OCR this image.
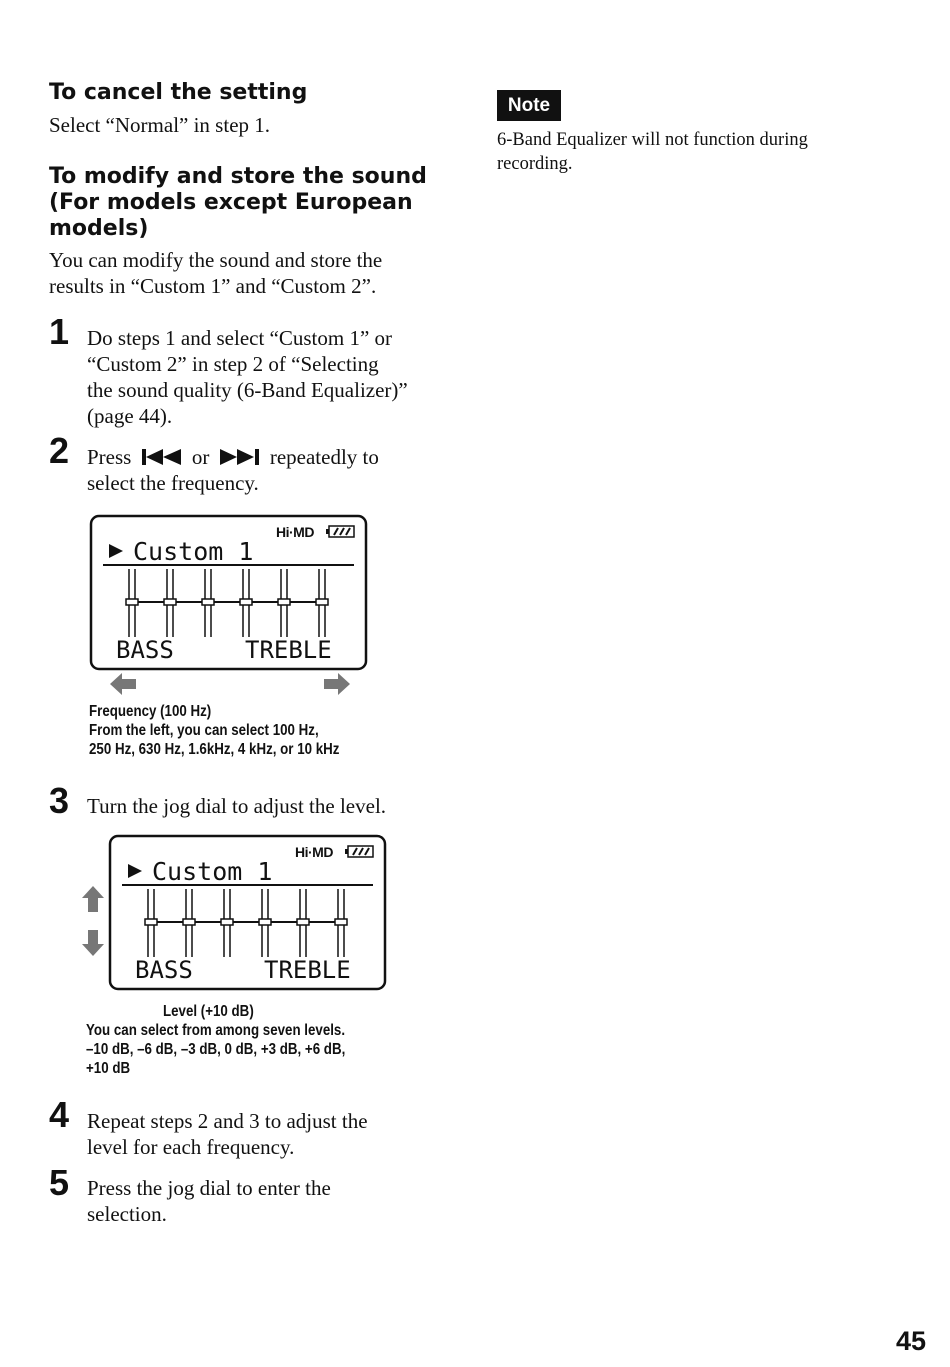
To cancel the setting

Select “Normal” in step 1.

To modify and store the sound
(For models except European
models)

You can modify the sound and store the

results in “Custom 1” and “Custom 2”.

1 Do steps 1 and select “Custom 1” or

“Custom 2” in step 2 of “Selecting

the sound quality (6-Band Equalizer)”

(page 44).

2 Press	or	repeatedly to

select the frequency.

Hi·MD
Custom 1
BASS	TREBLE
Frequency (100 Hz)
From the left, you can select 100 Hz,
250 Hz, 630 Hz, 1.6kHz, 4 kHz, or 10 kHz
3 Turn the jog dial to adjust the level.

Hi·MD
Custom 1
BASS	TREBLE
Level (+10 dB)
You can select from among seven levels.
–10 dB, –6 dB, –3 dB, 0 dB, +3 dB, +6 dB,
+10 dB
4 Repeat steps 2 and 3 to adjust the

level for each frequency.

5 Press the jog dial to enter the

selection.

Note

6-Band Equalizer will not function during

recording.

45
